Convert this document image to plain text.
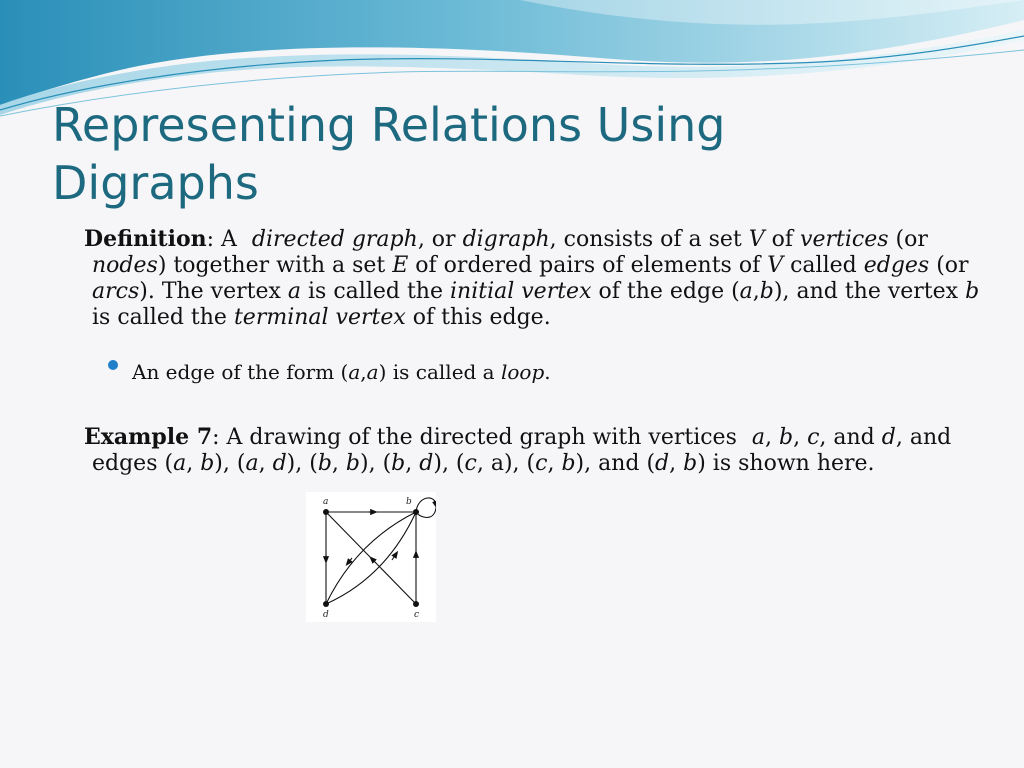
Representing Relations Using
Digraphs
Definition: A directed graph, or digraph, consists of a set V of vertices (or nodes) together with a set E of ordered pairs of elements of V called edges (or arcs). The vertex a is called the initial vertex of the edge (a,b), and the vertex b is called the terminal vertex of this edge.
An edge of the form (a,a) is called a loop.
Example 7: A drawing of the directed graph with vertices a, b, c, and d, and edges (a, b), (a, d), (b, b), (b, d), (c, a), (c, b), and (d, b) is shown here.
a	b
c
d
